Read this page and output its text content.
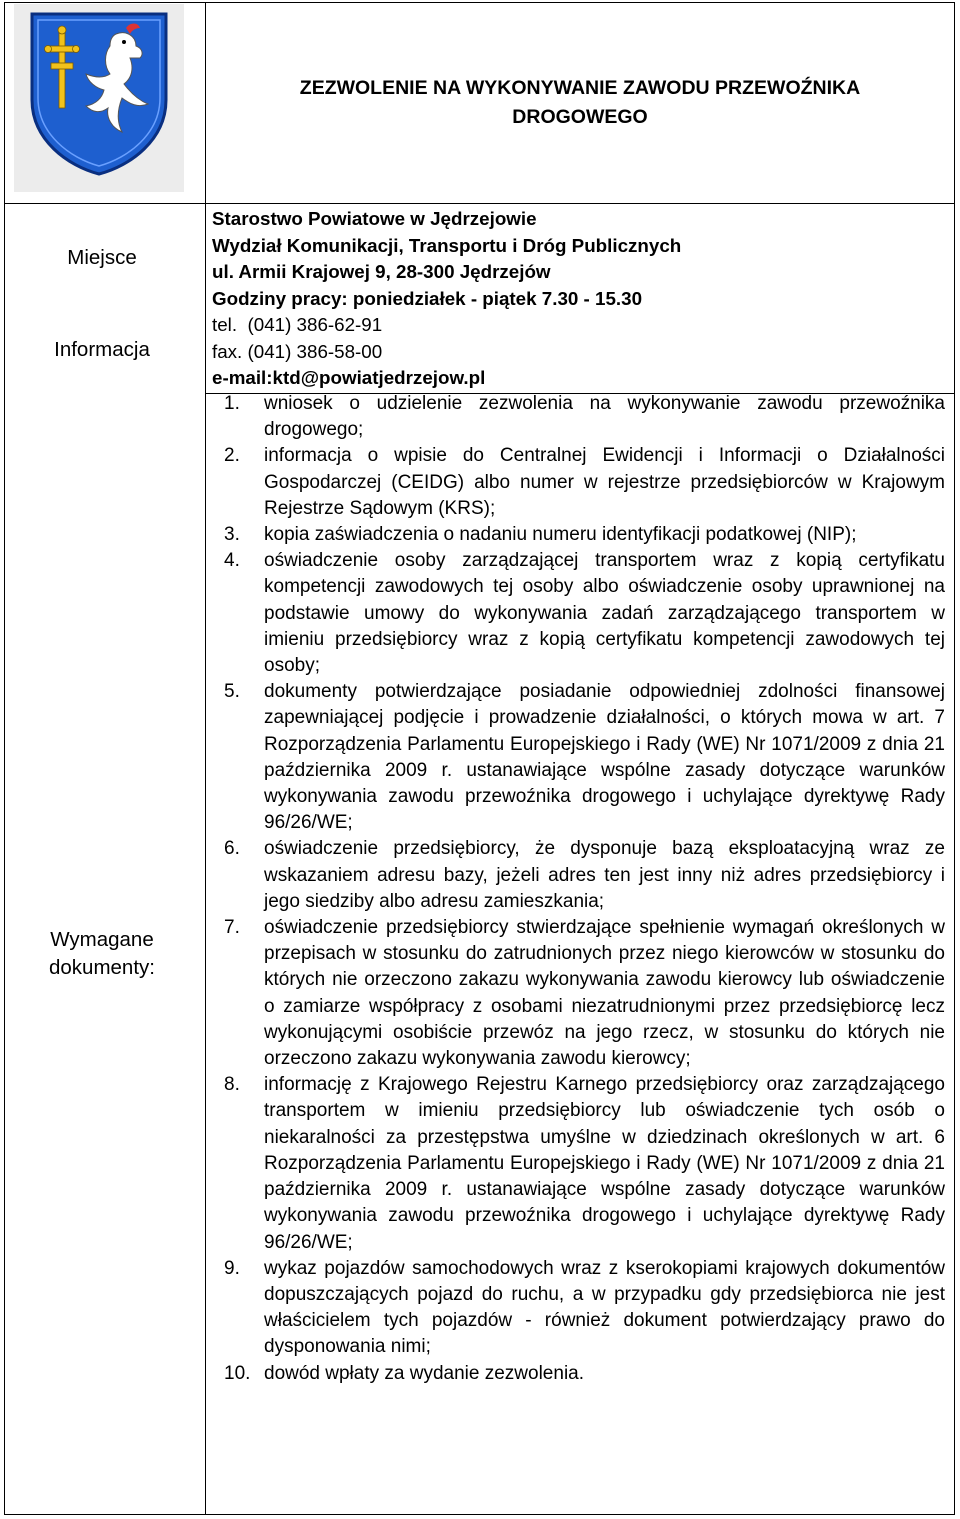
ZEZWOLENIE NA WYKONYWANIE ZAWODU PRZEWOŹNIKA
DROGOWEGO
Miejsce
Informacja
Wymagane
dokumenty:
Starostwo Powiatowe w Jędrzejowie
Wydział Komunikacji, Transportu i Dróg Publicznych
ul. Armii Krajowej 9, 28-300 Jędrzejów
Godziny pracy: poniedziałek - piątek 7.30 - 15.30
tel.  (041) 386-62-91
fax. (041) 386-58-00
e-mail:ktd@powiatjedrzejow.pl
1. wniosek o udzielenie zezwolenia na wykonywanie zawodu przewoźnika drogowego;
2. informacja o wpisie do Centralnej Ewidencji i Informacji o Działalności Gospodarczej (CEIDG) albo numer w rejestrze przedsiębiorców w Krajowym Rejestrze Sądowym (KRS);
3. kopia zaświadczenia o nadaniu numeru identyfikacji podatkowej (NIP);
4. oświadczenie osoby zarządzającej transportem wraz z kopią certyfikatu kompetencji zawodowych tej osoby albo oświadczenie osoby uprawnionej na podstawie umowy do wykonywania zadań zarządzającego transportem w imieniu przedsiębiorcy wraz z kopią certyfikatu kompetencji zawodowych tej osoby;
5. dokumenty potwierdzające posiadanie odpowiedniej zdolności finansowej zapewniającej podjęcie i prowadzenie działalności, o których mowa w art. 7 Rozporządzenia Parlamentu Europejskiego i Rady (WE) Nr 1071/2009 z dnia 21 października 2009 r. ustanawiające wspólne zasady dotyczące warunków wykonywania zawodu przewoźnika drogowego i uchylające dyrektywę Rady 96/26/WE;
6. oświadczenie przedsiębiorcy, że dysponuje bazą eksploatacyjną wraz ze wskazaniem adresu bazy, jeżeli adres ten jest inny niż adres przedsiębiorcy i jego siedziby albo adresu zamieszkania;
7. oświadczenie przedsiębiorcy stwierdzające spełnienie wymagań określonych w przepisach w stosunku do zatrudnionych przez niego kierowców w stosunku do których nie orzeczono zakazu wykonywania zawodu kierowcy lub oświadczenie o zamiarze współpracy z osobami niezatrudnionymi przez przedsiębiorcę lecz wykonującymi osobiście przewóz na jego rzecz, w stosunku do których nie orzeczono zakazu wykonywania zawodu kierowcy;
8. informację z Krajowego Rejestru Karnego przedsiębiorcy oraz zarządzającego transportem w imieniu przedsiębiorcy lub oświadczenie tych osób o niekaralności za przestępstwa umyślne w dziedzinach określonych w art. 6 Rozporządzenia Parlamentu Europejskiego i Rady (WE) Nr 1071/2009 z dnia 21 października 2009 r. ustanawiające wspólne zasady dotyczące warunków wykonywania zawodu przewoźnika drogowego i uchylające dyrektywę Rady 96/26/WE;
9. wykaz pojazdów samochodowych wraz z kserokopiami krajowych dokumentów dopuszczających pojazd do ruchu, a w przypadku gdy przedsiębiorca nie jest właścicielem tych pojazdów - również dokument potwierdzający prawo do dysponowania nimi;
10. dowód wpłaty za wydanie zezwolenia.
